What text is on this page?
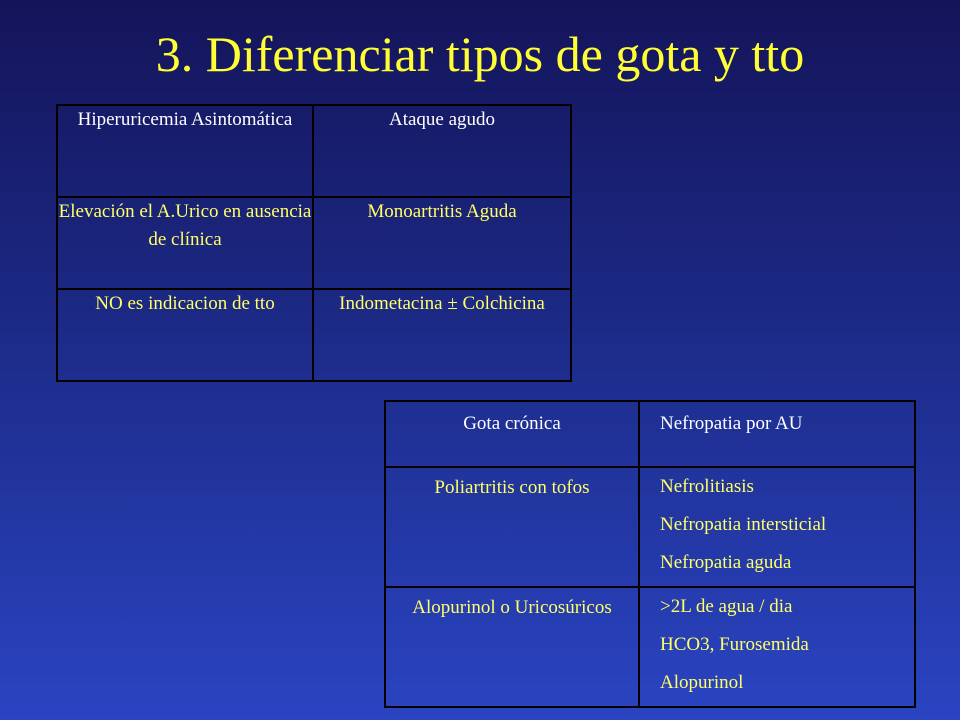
3. Diferenciar tipos de gota y tto
Hiperuricemia Asintomática	Ataque agudo
Elevación el A.Urico en ausencia de clínica	Monoartritis Aguda
NO es indicacion de tto	Indometacina ± Colchicina
Gota crónica	Nefropatia por AU

Poliartritis con tofos	Nefrolitiasis
Nefropatia intersticial
Nefropatia aguda

Alopurinol o Uricosúricos	>2L de agua / dia
HCO3, Furosemida
Alopurinol
